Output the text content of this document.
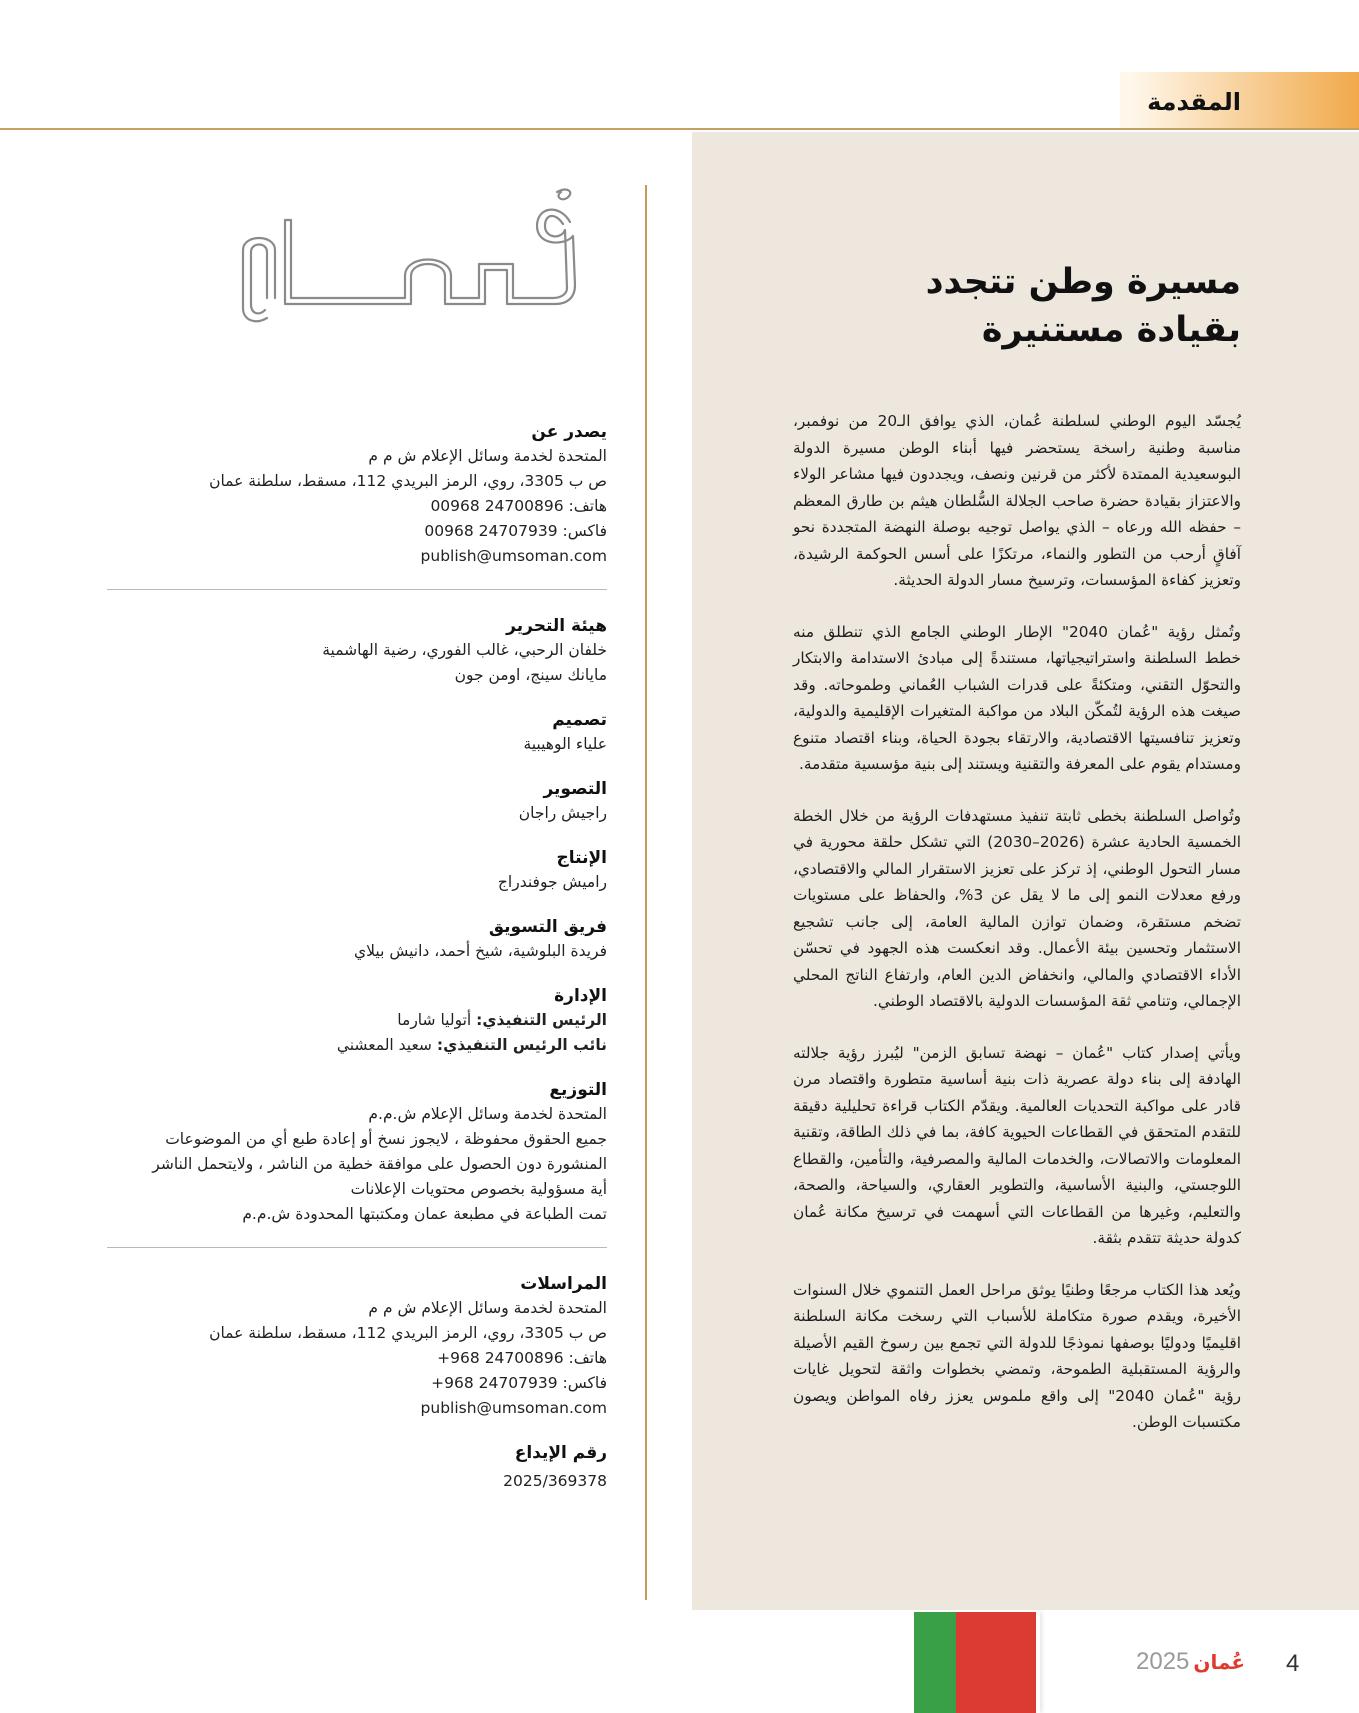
المقدمة
مسيرة وطن تتجدد
بقيادة مستنيرة

يُجسّد اليوم الوطني لسلطنة عُمان، الذي يوافق الـ20 من نوفمبر، مناسبة وطنية راسخة يستحضر فيها أبناء الوطن مسيرة الدولة البوسعيدية الممتدة لأكثر من قرنين ونصف، ويجددون فيها مشاعر الولاء والاعتزاز بقيادة حضرة صاحب الجلالة السُّلطان هيثم بن طارق المعظم – حفظه الله ورعاه – الذي يواصل توجيه بوصلة النهضة المتجددة نحو آفاقٍ أرحب من التطور والنماء، مرتكزًا على أسس الحوكمة الرشيدة، وتعزيز كفاءة المؤسسات، وترسيخ مسار الدولة الحديثة.

وتُمثل رؤية "عُمان 2040" الإطار الوطني الجامع الذي تنطلق منه خطط السلطنة واستراتيجياتها، مستندةً إلى مبادئ الاستدامة والابتكار والتحوّل التقني، ومتكئةً على قدرات الشباب العُماني وطموحاته. وقد صيغت هذه الرؤية لتُمكّن البلاد من مواكبة المتغيرات الإقليمية والدولية، وتعزيز تنافسيتها الاقتصادية، والارتقاء بجودة الحياة، وبناء اقتصاد متنوع ومستدام يقوم على المعرفة والتقنية ويستند إلى بنية مؤسسية متقدمة.

وتُواصل السلطنة بخطى ثابتة تنفيذ مستهدفات الرؤية من خلال الخطة الخمسية الحادية عشرة (2026–2030) التي تشكل حلقة محورية في مسار التحول الوطني، إذ تركز على تعزيز الاستقرار المالي والاقتصادي، ورفع معدلات النمو إلى ما لا يقل عن 3%، والحفاظ على مستويات تضخم مستقرة، وضمان توازن المالية العامة، إلى جانب تشجيع الاستثمار وتحسين بيئة الأعمال. وقد انعكست هذه الجهود في تحسّن الأداء الاقتصادي والمالي، وانخفاض الدين العام، وارتفاع الناتج المحلي الإجمالي، وتنامي ثقة المؤسسات الدولية بالاقتصاد الوطني.

ويأتي إصدار كتاب "عُمان – نهضة تسابق الزمن" ليُبرز رؤية جلالته الهادفة إلى بناء دولة عصرية ذات بنية أساسية متطورة واقتصاد مرن قادر على مواكبة التحديات العالمية. ويقدّم الكتاب قراءة تحليلية دقيقة للتقدم المتحقق في القطاعات الحيوية كافة، بما في ذلك الطاقة، وتقنية المعلومات والاتصالات، والخدمات المالية والمصرفية، والتأمين، والقطاع اللوجستي، والبنية الأساسية، والتطوير العقاري، والسياحة، والصحة، والتعليم، وغيرها من القطاعات التي أسهمت في ترسيخ مكانة عُمان كدولة حديثة تتقدم بثقة.

ويُعد هذا الكتاب مرجعًا وطنيًا يوثق مراحل العمل التنموي خلال السنوات الأخيرة، ويقدم صورة متكاملة للأسباب التي رسخت مكانة السلطنة اقليميًا ودوليًا بوصفها نموذجًا للدولة التي تجمع بين رسوخ القيم الأصيلة والرؤية المستقبلية الطموحة، وتمضي بخطوات واثقة لتحويل غايات رؤية "عُمان 2040" إلى واقع ملموس يعزز رفاه المواطن ويصون مكتسبات الوطن.

يصدر عن
المتحدة لخدمة وسائل الإعلام ش م م
ص ب 3305، روي، الرمز البريدي 112، مسقط، سلطنة عمان
هاتف: 24700896 00968
فاكس: 24707939 00968
publish@umsoman.com
هيئة التحرير
خلفان الرحبي، غالب الفوري، رضية الهاشمية
مايانك سينج، اومن جون
تصميم
علياء الوهيبية
التصوير
راجيش راجان
الإنتاج
راميش جوفندراج
فريق التسويق
فريدة البلوشية، شيخ أحمد، دانيش بيلاي
الإدارة
الرئيس التنفيذي: أتوليا شارما
نائب الرئيس التنفيذي: سعيد المعشني
التوزيع
المتحدة لخدمة وسائل الإعلام ش.م.م
جميع الحقوق محفوظة ، لايجوز نسخ أو إعادة طبع أي من الموضوعات
المنشورة دون الحصول على موافقة خطية من الناشر ، ولايتحمل الناشر
أية مسؤولية بخصوص محتويات الإعلانات
تمت الطباعة في مطبعة عمان ومكتبتها المحدودة ش.م.م
المراسلات
المتحدة لخدمة وسائل الإعلام ش م م
ص ب 3305، روي، الرمز البريدي 112، مسقط، سلطنة عمان
هاتف: 24700896 968+
فاكس: 24707939 968+
publish@umsoman.com
رقم الإيداع
2025/369378
2025 عُمان 4
